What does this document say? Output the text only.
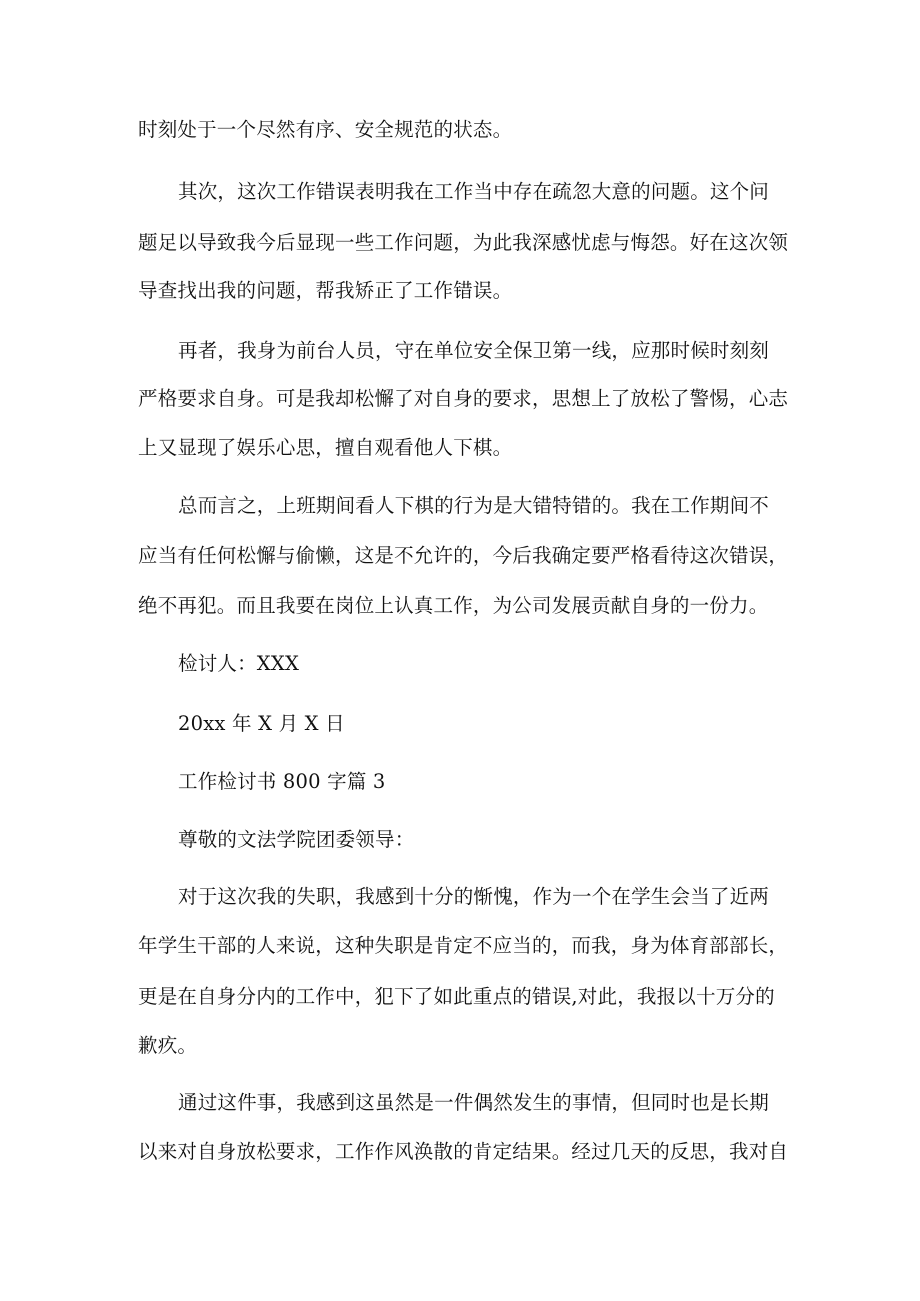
时刻处于一个尽然有序、安全规范的状态。
其次，这次工作错误表明我在工作当中存在疏忽大意的问题。这个问
题足以导致我今后显现一些工作问题，为此我深感忧虑与悔怨。好在这次领
导查找出我的问题，帮我矫正了工作错误。
再者，我身为前台人员，守在单位安全保卫第一线，应那时候时刻刻
严格要求自身。可是我却松懈了对自身的要求，思想上了放松了警惕，心志
上又显现了娱乐心思，擅自观看他人下棋。
总而言之，上班期间看人下棋的行为是大错特错的。我在工作期间不
应当有任何松懈与偷懒，这是不允许的，今后我确定要严格看待这次错误，
绝不再犯。而且我要在岗位上认真工作，为公司发展贡献自身的一份力。
检讨人：XXX
20xx 年 X 月 X 日
工作检讨书 800 字篇 3
尊敬的文法学院团委领导：
对于这次我的失职，我感到十分的惭愧，作为一个在学生会当了近两
年学生干部的人来说，这种失职是肯定不应当的，而我，身为体育部部长，
更是在自身分内的工作中，犯下了如此重点的错误,对此，我报以十万分的
歉疚。
通过这件事，我感到这虽然是一件偶然发生的事情，但同时也是长期
以来对自身放松要求，工作作风涣散的肯定结果。经过几天的反思，我对自
